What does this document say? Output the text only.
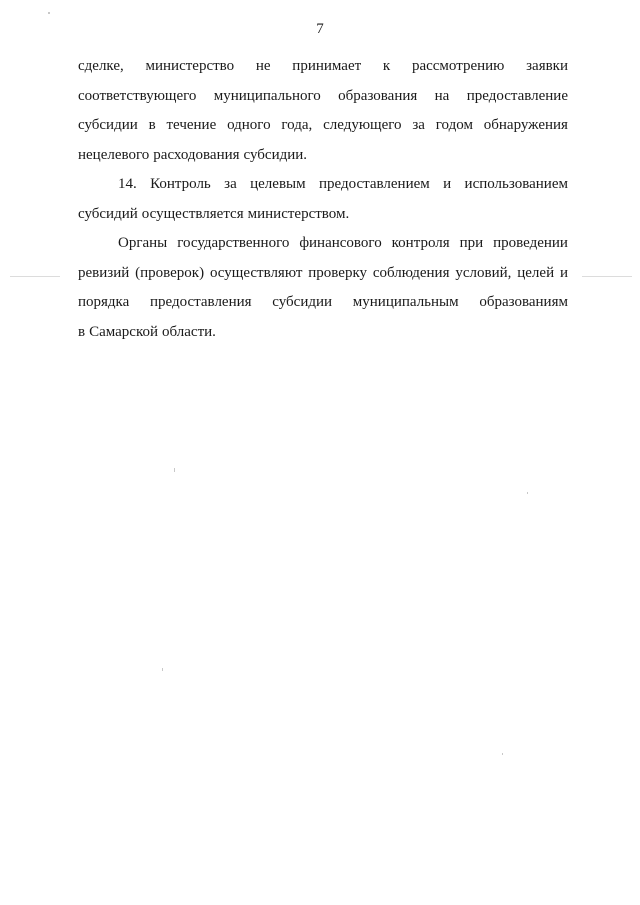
7
сделке, министерство не принимает к рассмотрению заявки
соответствующего муниципального образования на предоставление
субсидии в течение одного года, следующего за годом обнаружения
нецелевого расходования субсидии.
14. Контроль за целевым предоставлением и использованием
субсидий осуществляется министерством.
Органы государственного финансового контроля при проведении
ревизий (проверок) осуществляют проверку соблюдения условий, целей и
порядка предоставления субсидии муниципальным образованиям
в Самарской области.
